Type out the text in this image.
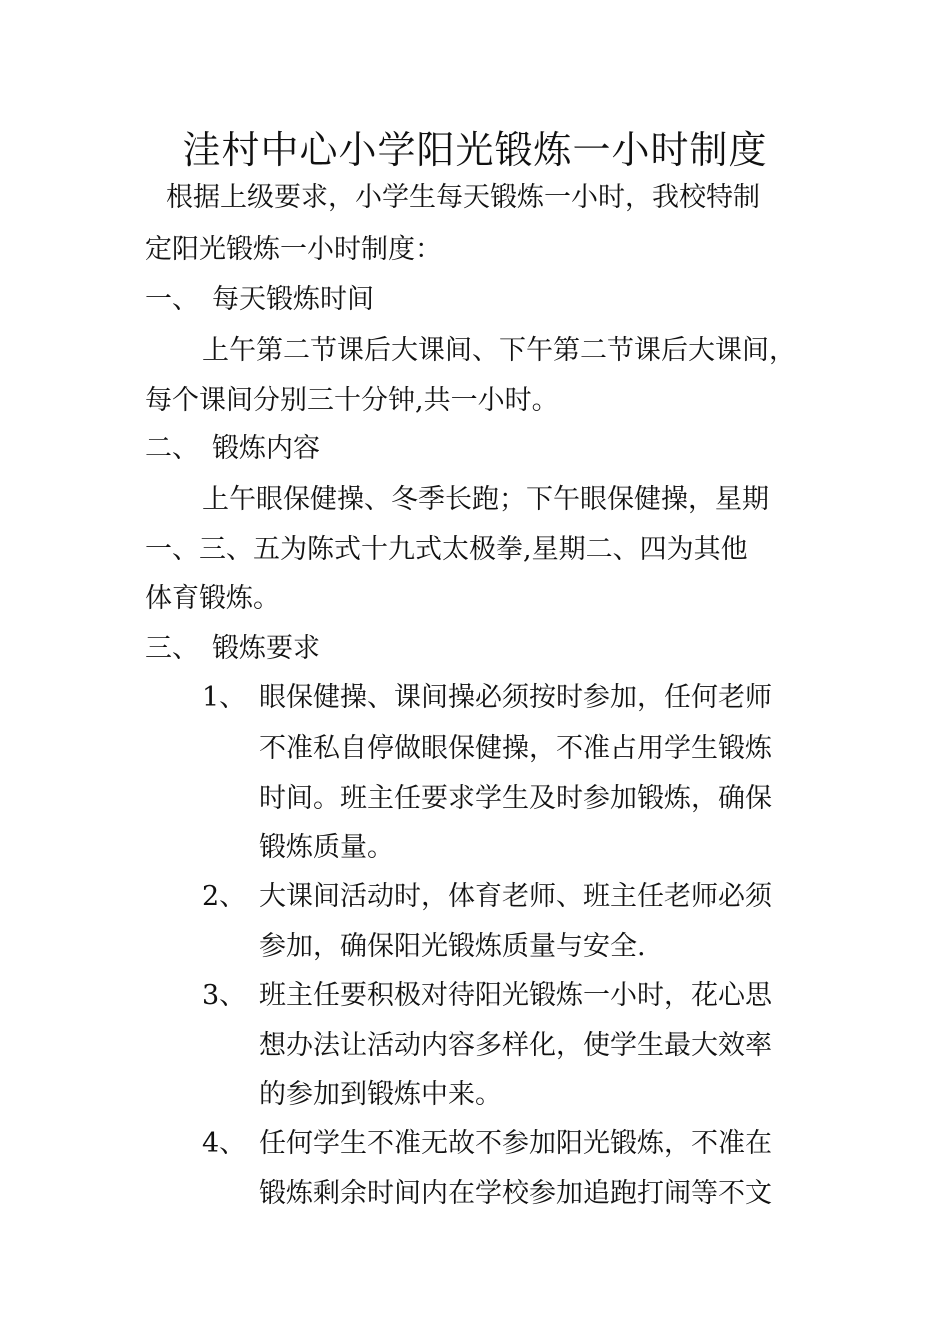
洼村中心小学阳光锻炼一小时制度
根据上级要求，小学生每天锻炼一小时，我校特制
定阳光锻炼一小时制度：
一、 每天锻炼时间
上午第二节课后大课间、下午第二节课后大课间，
每个课间分别三十分钟,共一小时。
二、 锻炼内容
上午眼保健操、冬季长跑；下午眼保健操，星期
一、三、五为陈式十九式太极拳,星期二、四为其他
体育锻炼。
三、 锻炼要求
1、 眼保健操、课间操必须按时参加，任何老师
不准私自停做眼保健操，不准占用学生锻炼
时间。班主任要求学生及时参加锻炼，确保
锻炼质量。
2、 大课间活动时，体育老师、班主任老师必须
参加，确保阳光锻炼质量与安全.
3、 班主任要积极对待阳光锻炼一小时，花心思
想办法让活动内容多样化，使学生最大效率
的参加到锻炼中来。
4、 任何学生不准无故不参加阳光锻炼，不准在
锻炼剩余时间内在学校参加追跑打闹等不文
